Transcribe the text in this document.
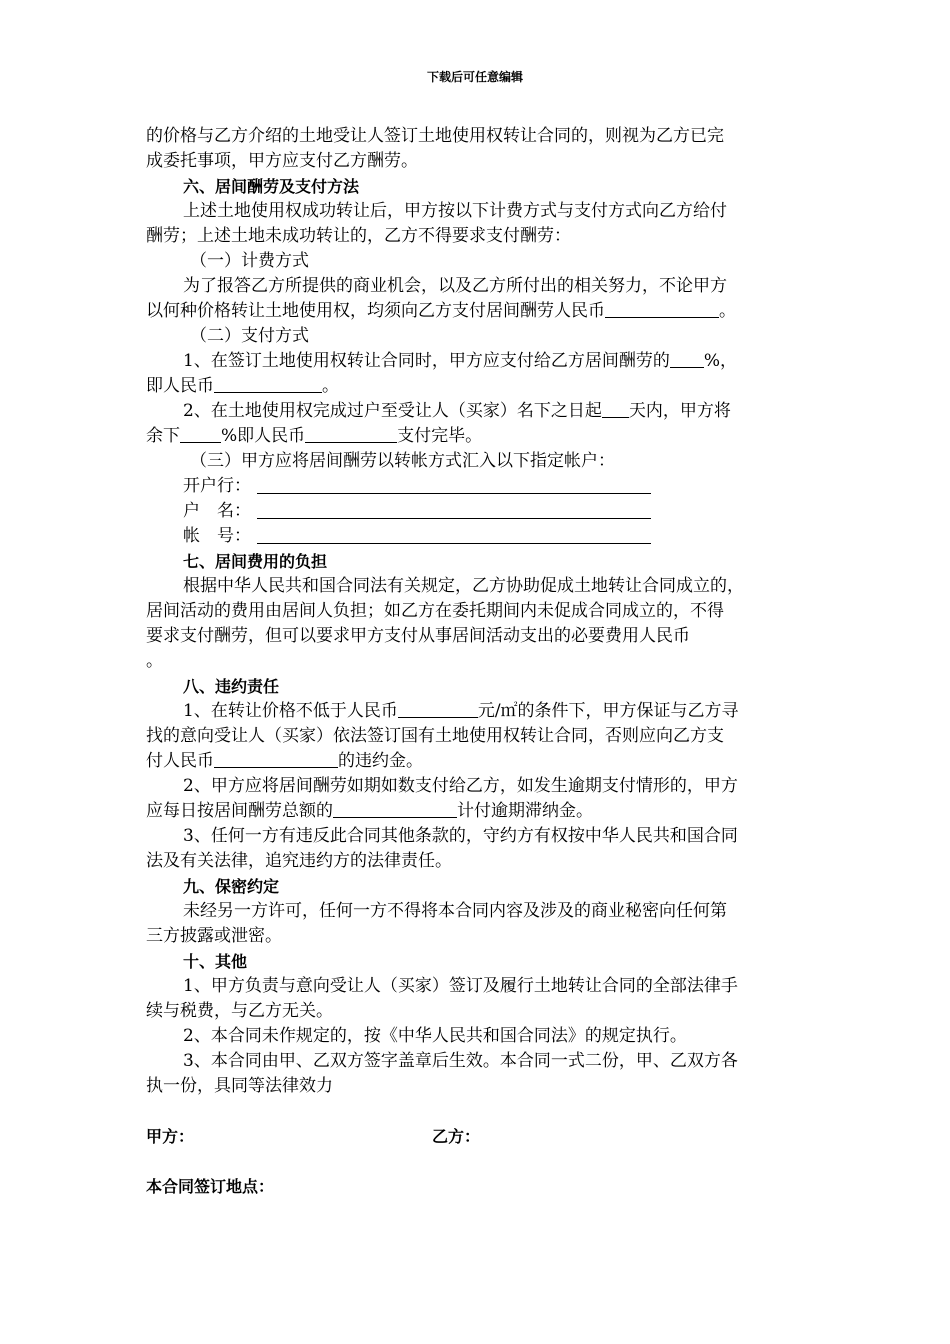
下载后可任意编辑
的价格与乙方介绍的土地受让人签订土地使用权转让合同的，则视为乙方已完
成委托事项，甲方应支付乙方酬劳。
六、居间酬劳及支付方法
上述土地使用权成功转让后，甲方按以下计费方式与支付方式向乙方给付
酬劳；上述土地未成功转让的，乙方不得要求支付酬劳：
（一）计费方式
为了报答乙方所提供的商业机会，以及乙方所付出的相关努力，不论甲方
以何种价格转让土地使用权，均须向乙方支付居间酬劳人民币	。
（二）支付方式
1、在签订土地使用权转让合同时，甲方应支付给乙方居间酬劳的 %，
即人民币	。
2、在土地使用权完成过户至受让人（买家）名下之日起 天内，甲方将
余下 %即人民币	支付完毕。
（三）甲方应将居间酬劳以转帐方式汇入以下指定帐户：
开户行：
户　名：
帐　号：
七、居间费用的负担
根据中华人民共和国合同法有关规定，乙方协助促成土地转让合同成立的，
居间活动的费用由居间人负担；如乙方在委托期间内未促成合同成立的，不得
要求支付酬劳，但可以要求甲方支付从事居间活动支出的必要费用人民币
。
八、违约责任
1、在转让价格不低于人民币	元/㎡的条件下，甲方保证与乙方寻
找的意向受让人（买家）依法签订国有土地使用权转让合同，否则应向乙方支
付人民币	的违约金。
2、甲方应将居间酬劳如期如数支付给乙方，如发生逾期支付情形的，甲方
应每日按居间酬劳总额的	计付逾期滞纳金。
3、任何一方有违反此合同其他条款的，守约方有权按中华人民共和国合同
法及有关法律，追究违约方的法律责任。
九、保密约定
未经另一方许可，任何一方不得将本合同内容及涉及的商业秘密向任何第
三方披露或泄密。
十、其他
1、甲方负责与意向受让人（买家）签订及履行土地转让合同的全部法律手
续与税费，与乙方无关。
2、本合同未作规定的，按《中华人民共和国合同法》的规定执行。
3、本合同由甲、乙双方签字盖章后生效。本合同一式二份，甲、乙双方各
执一份，具同等法律效力
甲方：	乙方：
本合同签订地点：
